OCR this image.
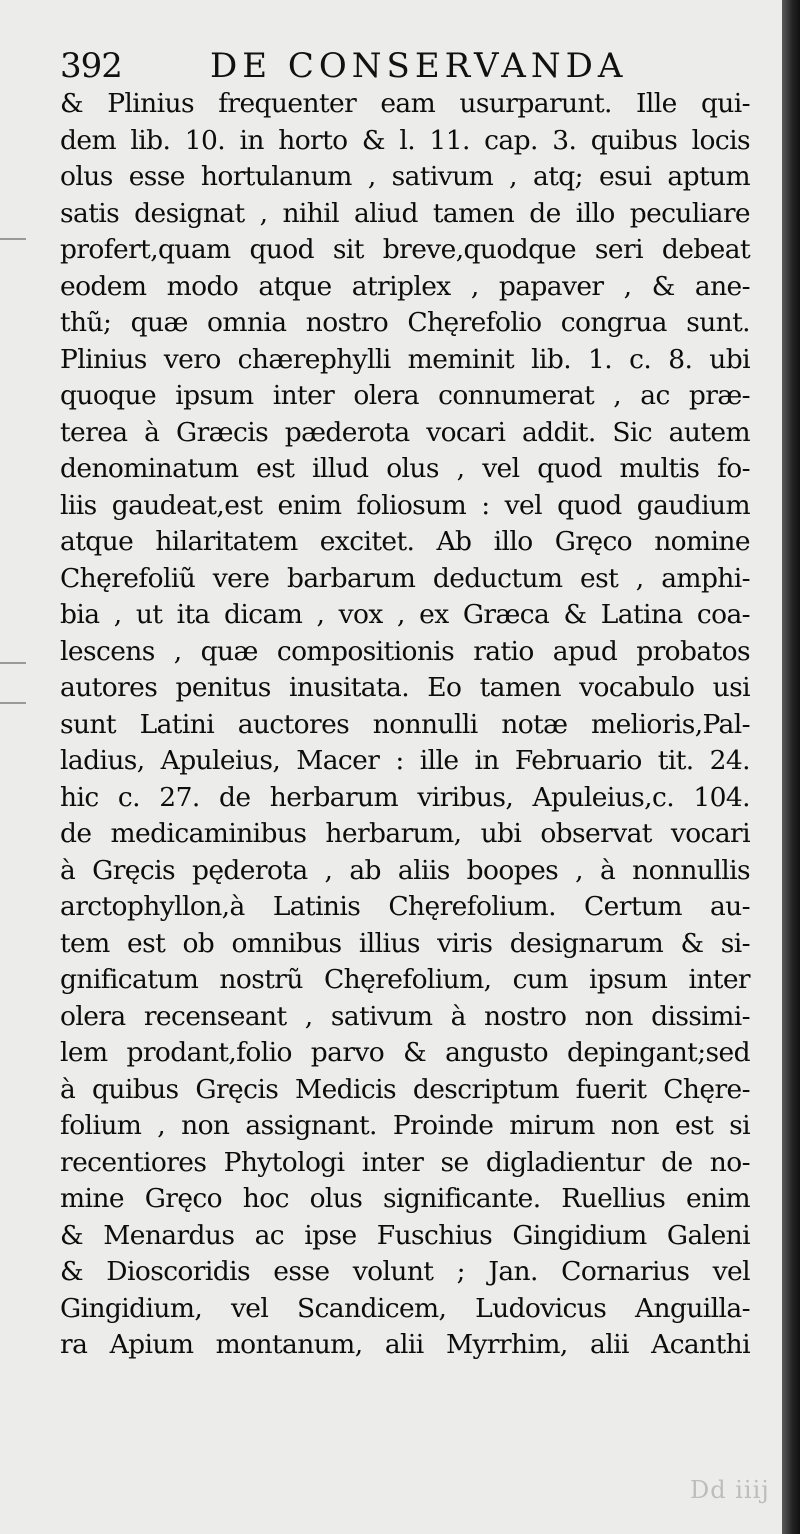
392	DE CONSERVANDA
& Plinius frequenter eam usurparunt. Ille qui-
dem lib. 10. in horto & l. 11. cap. 3. quibus locis
olus esse hortulanum , sativum , atq; esui aptum
satis designat , nihil aliud tamen de illo peculiare
profert,quam quod sit breve,quodque seri debeat
eodem modo atque atriplex , papaver , & ane-
thũ; quæ omnia nostro Chęrefolio congrua sunt.
Plinius vero chærephylli meminit lib. 1. c. 8. ubi
quoque ipsum inter olera connumerat , ac præ-
terea à Græcis pæderota vocari addit. Sic autem
denominatum est illud olus , vel quod multis fo-
liis gaudeat,est enim foliosum : vel quod gaudium
atque hilaritatem excitet. Ab illo Gręco nomine
Chęrefoliũ vere barbarum deductum est , amphi-
bia , ut ita dicam , vox , ex Græca & Latina coa-
lescens , quæ compositionis ratio apud probatos
autores penitus inusitata. Eo tamen vocabulo usi
sunt Latini auctores nonnulli notæ melioris,Pal-
ladius, Apuleius, Macer : ille in Februario tit. 24.
hic c. 27. de herbarum viribus, Apuleius,c. 104.
de medicaminibus herbarum, ubi observat vocari
à Gręcis pęderota , ab aliis boopes , à nonnullis
arctophyllon,à Latinis Chęrefolium. Certum au-
tem est ob omnibus illius viris designarum & si-
gnificatum nostrũ Chęrefolium, cum ipsum inter
olera recenseant , sativum à nostro non dissimi-
lem prodant,folio parvo & angusto depingant;sed
à quibus Gręcis Medicis descriptum fuerit Chęre-
folium , non assignant. Proinde mirum non est si
recentiores Phytologi inter se digladientur de no-
mine Gręco hoc olus significante. Ruellius enim
& Menardus ac ipse Fuschius Gingidium Galeni
& Dioscoridis esse volunt ; Jan. Cornarius vel
Gingidium, vel Scandicem, Ludovicus Anguilla-
ra Apium montanum, alii Myrrhim, alii Acanthi
Dd iiij
